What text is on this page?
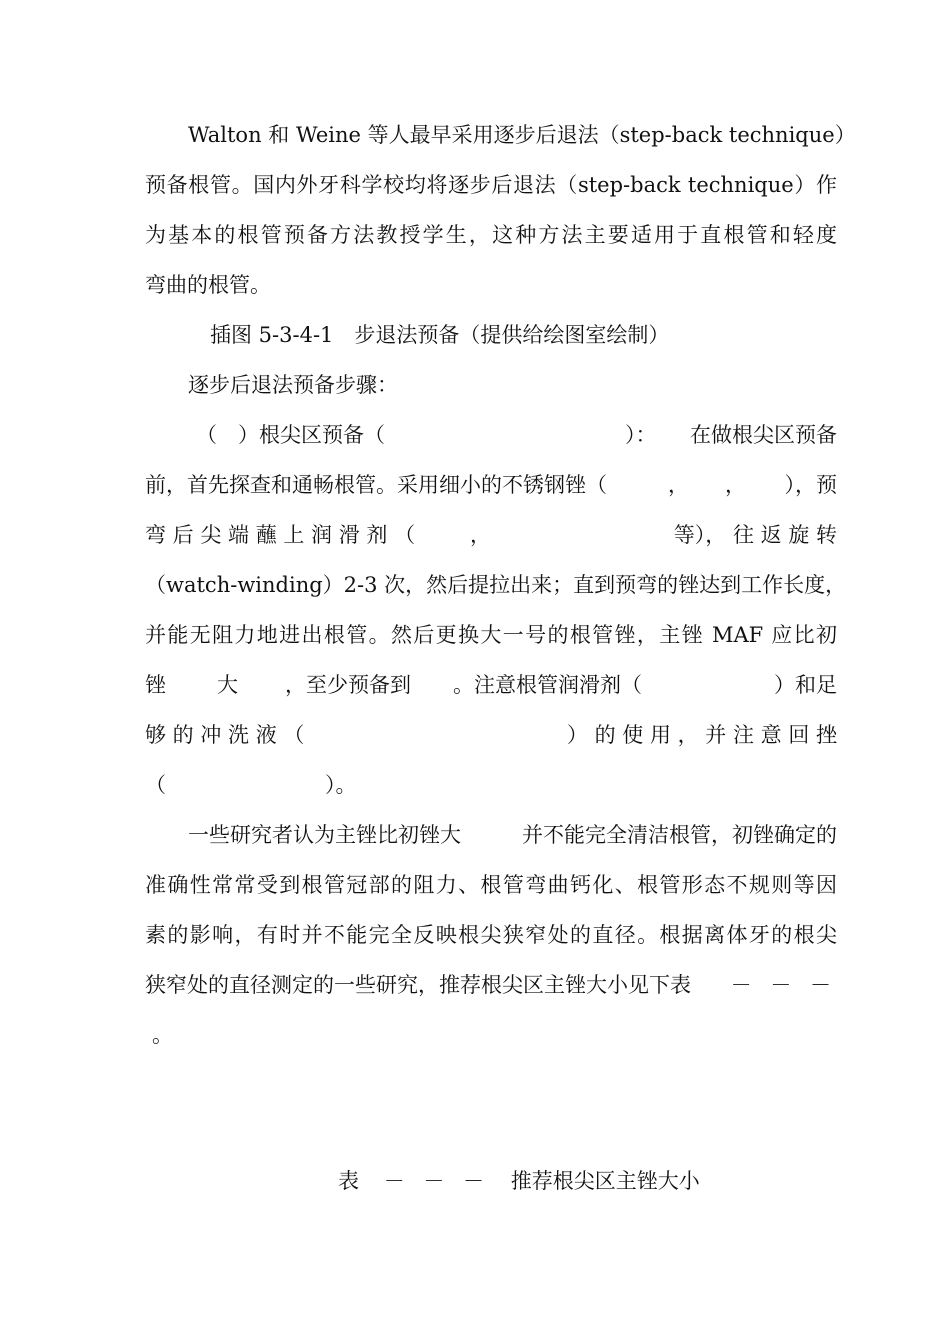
Walton 和 Weine 等人最早采用逐步后退法（step-back technique）
预备根管。国内外牙科学校均将逐步后退法（step-back technique）作
为基本的根管预备方法教授学生，这种方法主要适用于直根管和轻度
弯曲的根管。
插图 5-3-4-1　步退法预备（提供给绘图室绘制）
逐步后退法预备步骤：
（　）根尖区预备（	）： 在做根尖区预备
前，首先探查和通畅根管。采用细小的不锈钢锉（	， ， ），预
弯 后 尖 端 蘸 上 润 滑 剂 （	，	等）， 往 返 旋 转
（watch-winding）2-3 次，然后提拉出来；直到预弯的锉达到工作长度，
并能无阻力地进出根管。然后更换大一号的根管锉，主锉 MAF 应比初
锉 大 ，至少预备到 。注意根管润滑剂（	）和足
够 的 冲 洗 液 （	） 的 使 用 ， 并 注 意 回 挫
（	）。
一些研究者认为主锉比初锉大	并不能完全清洁根管，初锉确定的
准确性常常受到根管冠部的阻力、根管弯曲钙化、根管形态不规则等因
素的影响，有时并不能完全反映根尖狭窄处的直径。根据离体牙的根尖
狭窄处的直径测定的一些研究，推荐根尖区主锉大小见下表 － － －
。
表 － － － 推荐根尖区主锉大小
